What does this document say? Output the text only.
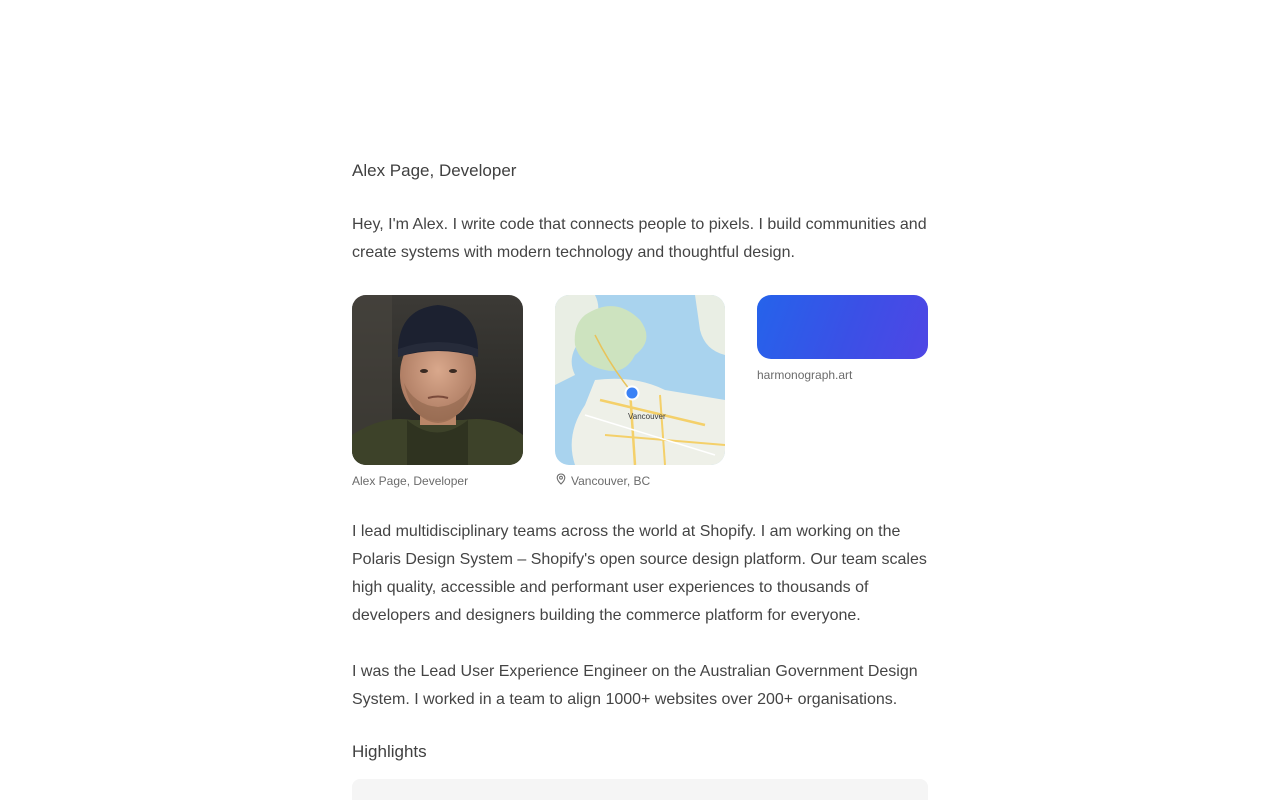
Alex Page, Developer

Hey, I'm Alex. I write code that connects people to pixels. I build communities and create systems with modern technology and thoughtful design.

Alex Page, Developer
Vancouver
Vancouver, BC
harmonograph.art

I lead multidisciplinary teams across the world at Shopify. I am working on the Polaris Design System – Shopify's open source design platform. Our team scales high quality, accessible and performant user experiences to thousands of developers and designers building the commerce platform for everyone.

I was the Lead User Experience Engineer on the Australian Government Design System. I worked in a team to align 1000+ websites over 200+ organisations.

Highlights
